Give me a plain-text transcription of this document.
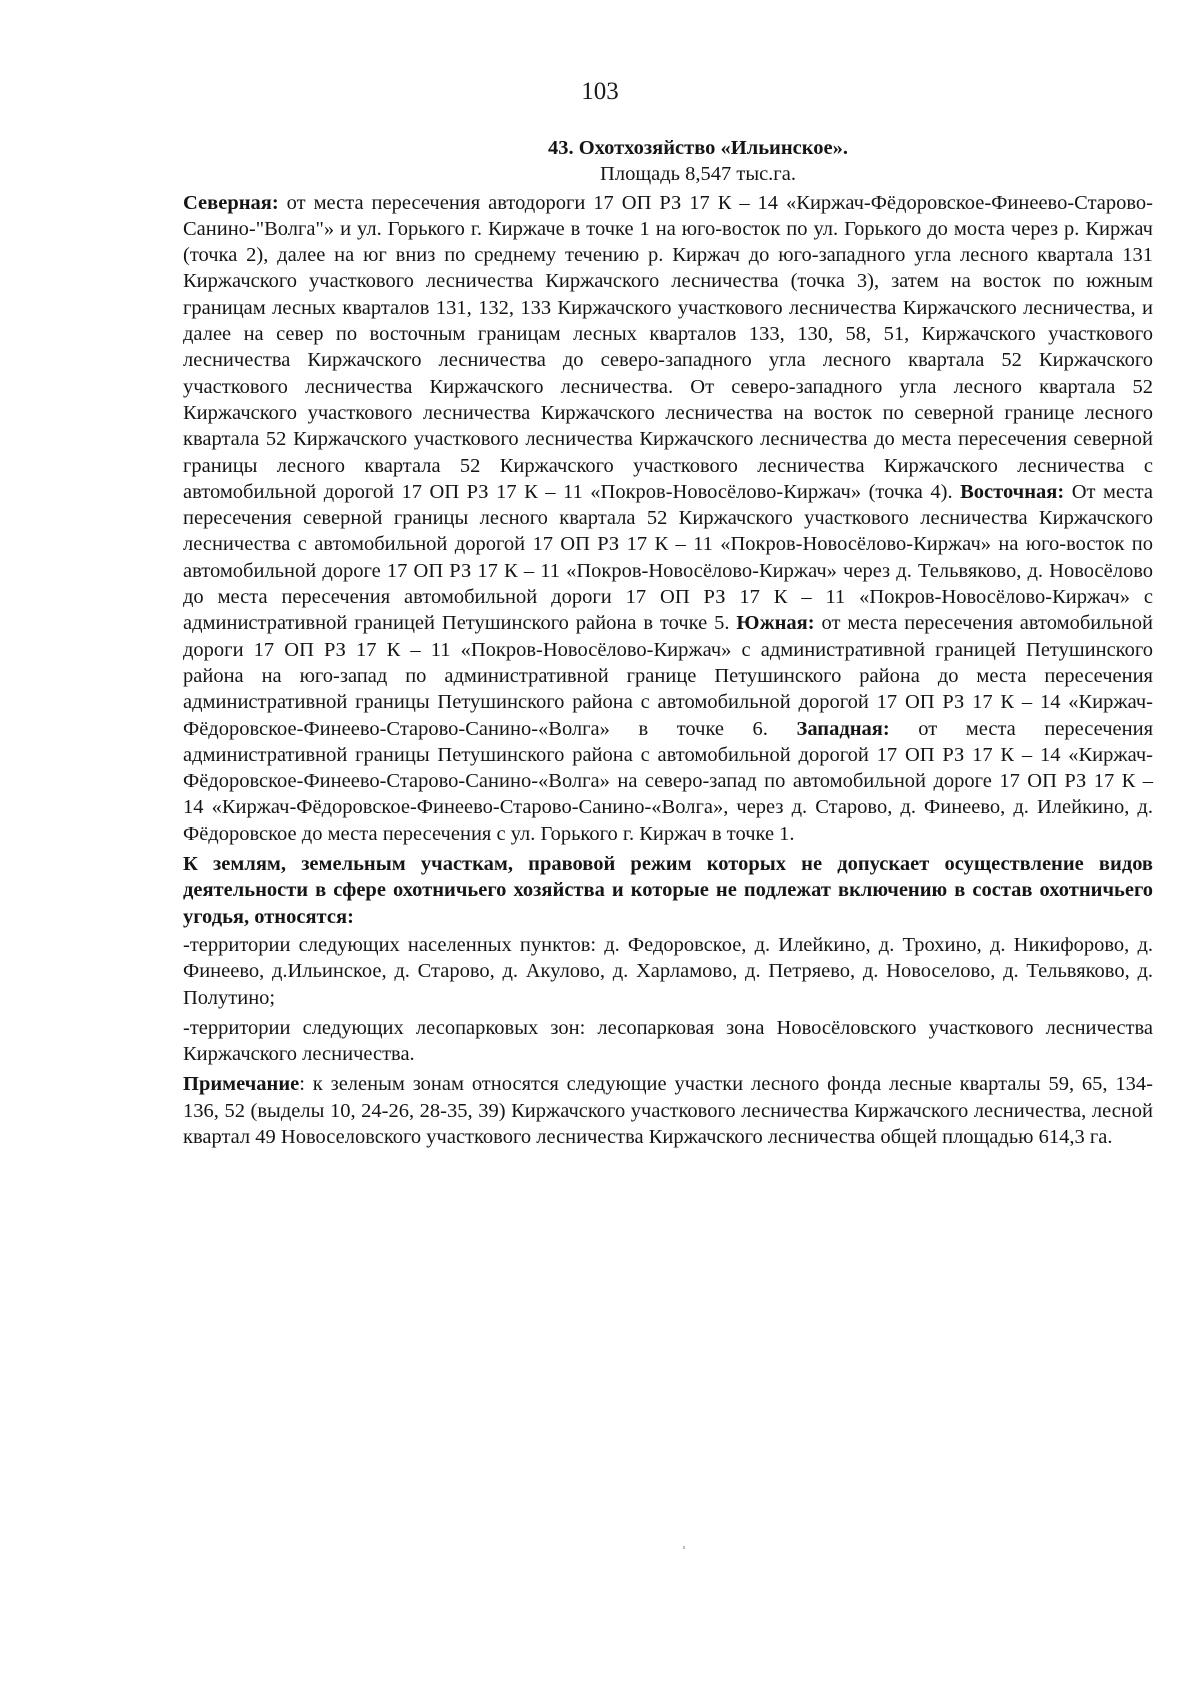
103

43. Охотхозяйство «Ильинское».

Площадь 8,547 тыс.га.

Северная: от места пересечения автодороги 17 ОП РЗ 17 К – 14 «Киржач-Фёдоровское-Финеево-Старово-Санино-"Волга"» и ул. Горького г. Киржаче в точке 1 на юго-восток по ул. Горького до моста через р. Киржач (точка 2), далее на юг вниз по среднему течению р. Киржач до юго-западного угла лесного квартала 131 Киржачского участкового лесничества Киржачского лесничества (точка 3), затем на восток по южным границам лесных кварталов 131, 132, 133 Киржачского участкового лесничества Киржачского лесничества, и далее на север по восточным границам лесных кварталов 133, 130, 58, 51, Киржачского участкового лесничества Киржачского лесничества до северо-западного угла лесного квартала 52 Киржачского участкового лесничества Киржачского лесничества. От северо-западного угла лесного квартала 52 Киржачского участкового лесничества Киржачского лесничества на восток по северной границе лесного квартала 52 Киржачского участкового лесничества Киржачского лесничества до места пересечения северной границы лесного квартала 52 Киржачского участкового лесничества Киржачского лесничества с автомобильной дорогой 17 ОП РЗ 17 К – 11 «Покров-Новосёлово-Киржач» (точка 4). Восточная: От места пересечения северной границы лесного квартала 52 Киржачского участкового лесничества Киржачского лесничества с автомобильной дорогой 17 ОП РЗ 17 К – 11 «Покров-Новосёлово-Киржач» на юго-восток по автомобильной дороге 17 ОП РЗ 17 К – 11 «Покров-Новосёлово-Киржач» через д. Тельвяково, д. Новосёлово до места пересечения автомобильной дороги 17 ОП РЗ 17 К – 11 «Покров-Новосёлово-Киржач» с административной границей Петушинского района в точке 5. Южная: от места пересечения автомобильной дороги 17 ОП РЗ 17 К – 11 «Покров-Новосёлово-Киржач» с административной границей Петушинского района на юго-запад по административной границе Петушинского района до места пересечения административной границы Петушинского района с автомобильной дорогой 17 ОП РЗ 17 К – 14 «Киржач-Фёдоровское-Финеево-Старово-Санино-«Волга» в точке 6. Западная: от места пересечения административной границы Петушинского района с автомобильной дорогой 17 ОП РЗ 17 К – 14 «Киржач-Фёдоровское-Финеево-Старово-Санино-«Волга» на северо-запад по автомобильной дороге 17 ОП РЗ 17 К – 14 «Киржач-Фёдоровское-Финеево-Старово-Санино-«Волга», через д. Старово, д. Финеево, д. Илейкино, д. Фёдоровское до места пересечения с ул. Горького г. Киржач в точке 1.

К землям, земельным участкам, правовой режим которых не допускает осуществление видов деятельности в сфере охотничьего хозяйства и которые не подлежат включению в состав охотничьего угодья, относятся:

-территории следующих населенных пунктов: д. Федоровское, д. Илейкино, д. Трохино, д. Никифорово, д. Финеево, д.Ильинское, д. Старово, д. Акулово, д. Харламово, д. Петряево, д. Новоселово, д. Тельвяково, д. Полутино;

-территории следующих лесопарковых зон: лесопарковая зона Новосёловского участкового лесничества Киржачского лесничества.

Примечание: к зеленым зонам относятся следующие участки лесного фонда лесные кварталы 59, 65, 134-136, 52 (выделы 10, 24-26, 28-35, 39) Киржачского участкового лесничества Киржачского лесничества, лесной квартал 49 Новоселовского участкового лесничества Киржачского лесничества общей площадью 614,3 га.
